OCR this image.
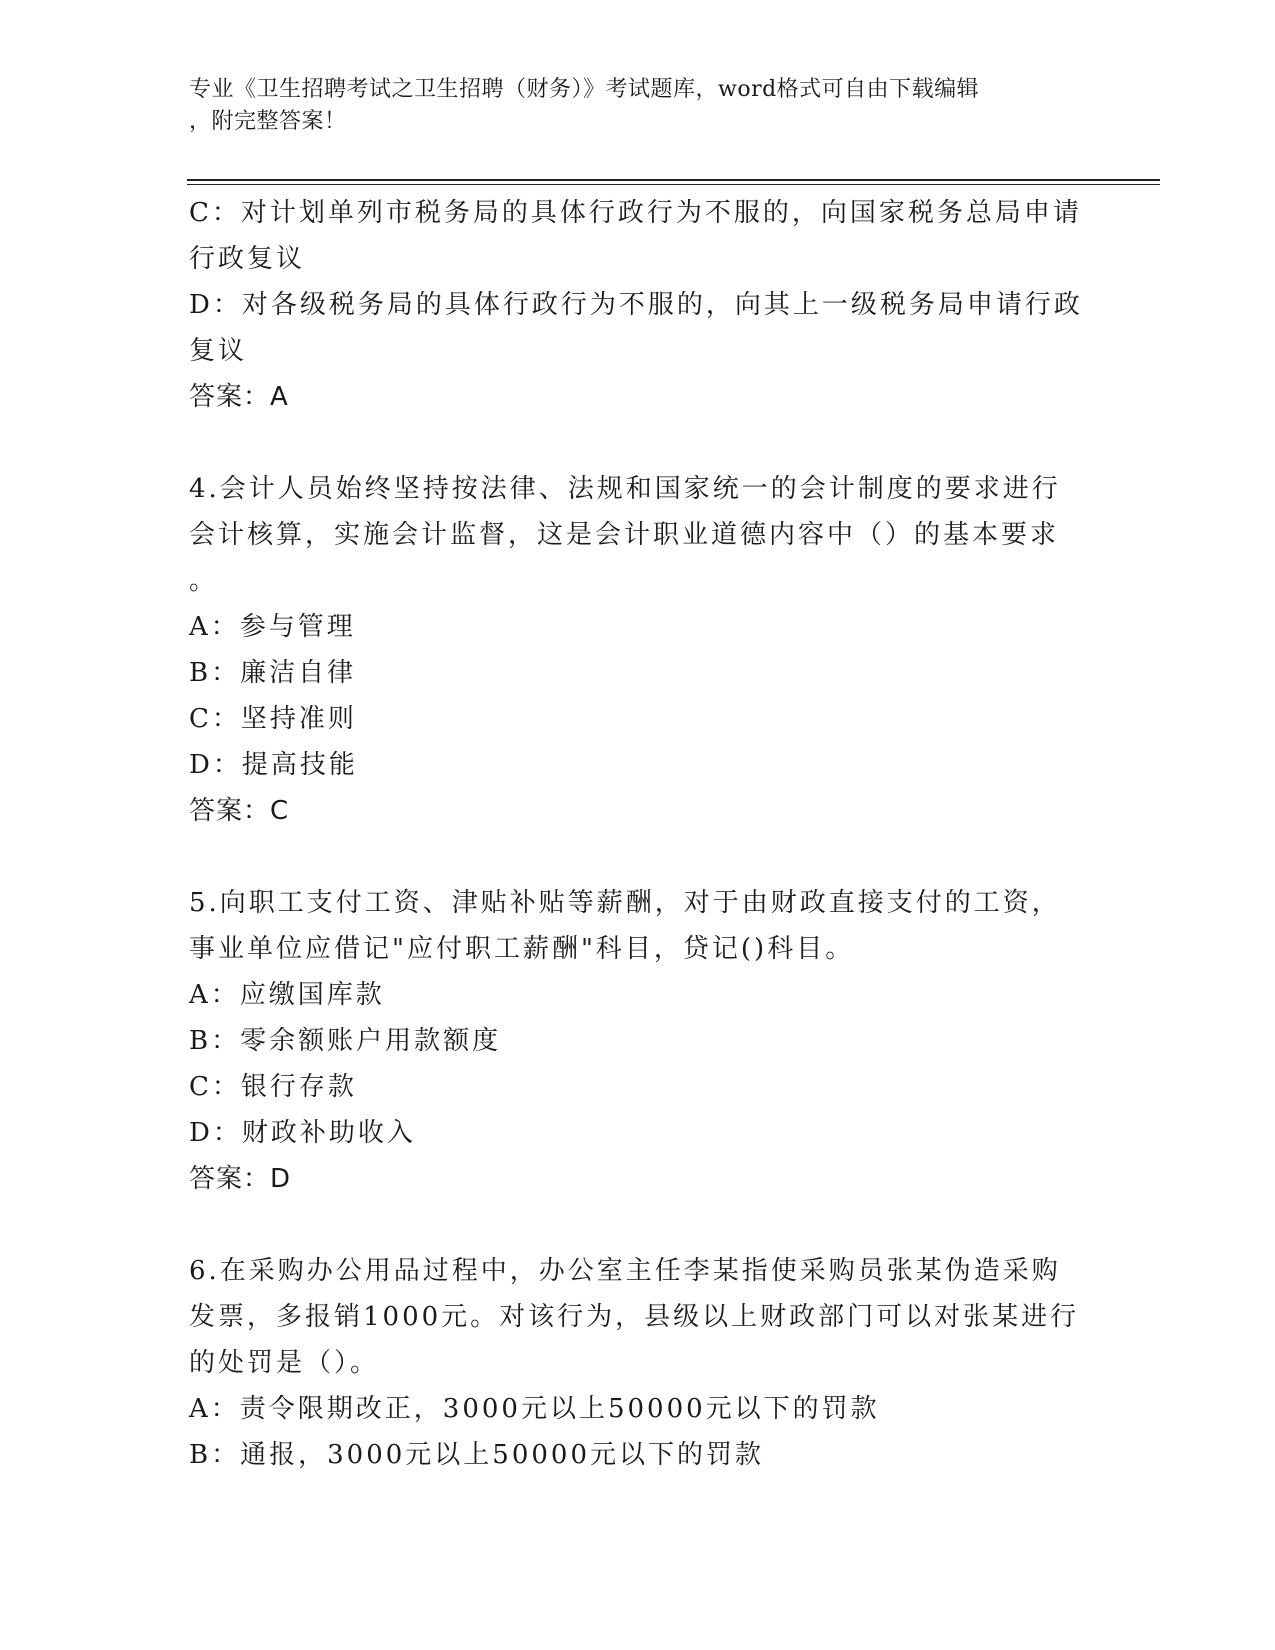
专业《卫生招聘考试之卫生招聘（财务）》考试题库，word格式可自由下载编辑
，附完整答案！
C：对计划单列市税务局的具体行政行为不服的，向国家税务总局申请
行政复议
D：对各级税务局的具体行政行为不服的，向其上一级税务局申请行政
复议
答案：A
4.会计人员始终坚持按法律、法规和国家统一的会计制度的要求进行
会计核算，实施会计监督，这是会计职业道德内容中（）的基本要求
。
A：参与管理
B：廉洁自律
C：坚持准则
D：提高技能
答案：C
5.向职工支付工资、津贴补贴等薪酬，对于由财政直接支付的工资，
事业单位应借记"应付职工薪酬"科目，贷记()科目。
A：应缴国库款
B：零余额账户用款额度
C：银行存款
D：财政补助收入
答案：D
6.在采购办公用品过程中，办公室主任李某指使采购员张某伪造采购
发票，多报销1000元。对该行为，县级以上财政部门可以对张某进行
的处罚是（）。
A：责令限期改正，3000元以上50000元以下的罚款
B：通报，3000元以上50000元以下的罚款
